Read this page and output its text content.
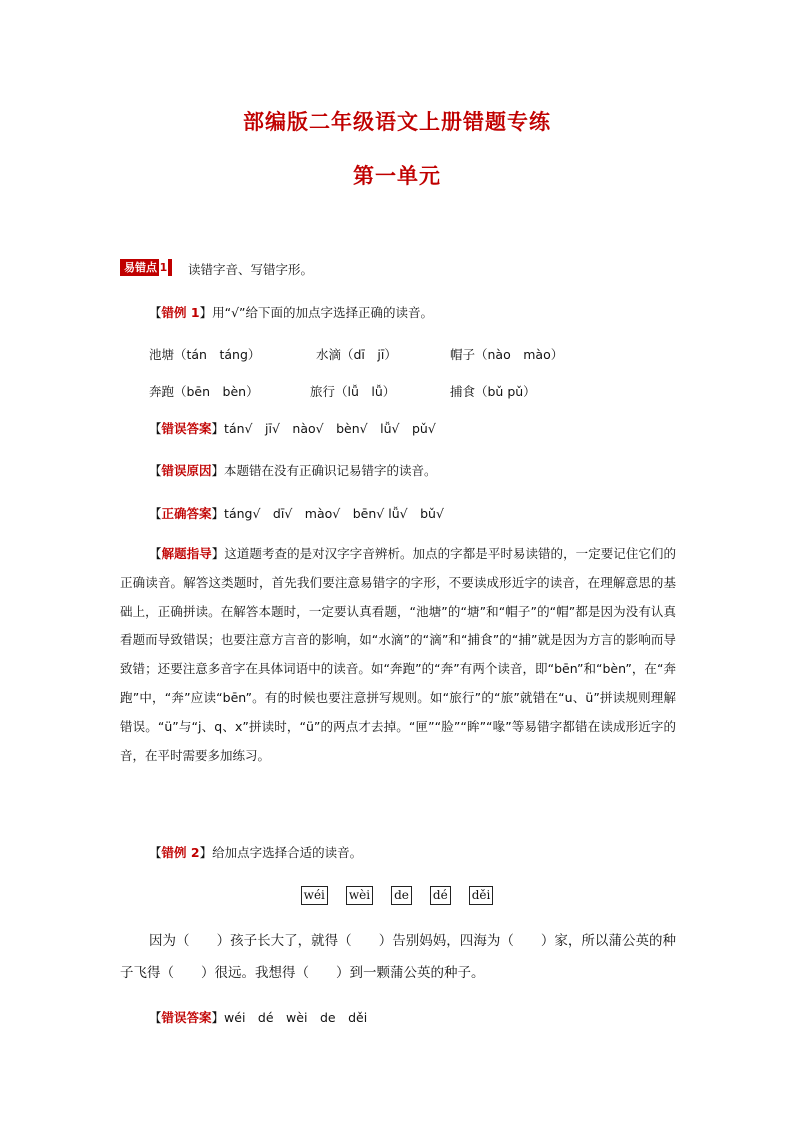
部编版二年级语文上册错题专练
第一单元
易错点 1	读错字音、写错字形。
【错例 1】用“√”给下面的加点字选择正确的读音。
池塘（tán　táng）	水滴（dī　jī）	帽子（nào　mào）
奔跑（bēn　bèn）	旅行（lǚ　lǚ）	捕食（bǔ pǔ）
【错误答案】tán√　jī√　nào√　bèn√　lǚ√　pǔ√
【错误原因】本题错在没有正确识记易错字的读音。
【正确答案】táng√　dī√　mào√　bēn√ lǚ√　bǔ√
【解题指导】这道题考查的是对汉字字音辨析。加点的字都是平时易读错的，一定要记住它们的正确读音。解答这类题时，首先我们要注意易错字的字形，不要读成形近字的读音，在理解意思的基础上，正确拼读。在解答本题时，一定要认真看题，“池塘”的“塘”和“帽子”的“帽”都是因为没有认真看题而导致错误；也要注意方言音的影响，如“水滴”的“滴”和“捕食”的“捕”就是因为方言的影响而导致错；还要注意多音字在具体词语中的读音。如“奔跑”的“奔”有两个读音，即“bēn”和“bèn”，在“奔跑”中，“奔”应读“bēn”。有的时候也要注意拼写规则。如“旅行”的“旅”就错在“u、ü”拼读规则理解错误。“ü”与“j、q、x”拼读时，“ü”的两点才去掉。“匣”“脸”“眸”“喙”等易错字都错在读成形近字的音，在平时需要多加练习。
【错例 2】给加点字选择合适的读音。
wéi wèi de dé děi
因为（　　）孩子长大了，就得（　　）告别妈妈，四海为（　　）家，所以蒲公英的种子飞得（　　）很远。我想得（　　）到一颗蒲公英的种子。
【错误答案】wéi　dé　wèi　de　děi
